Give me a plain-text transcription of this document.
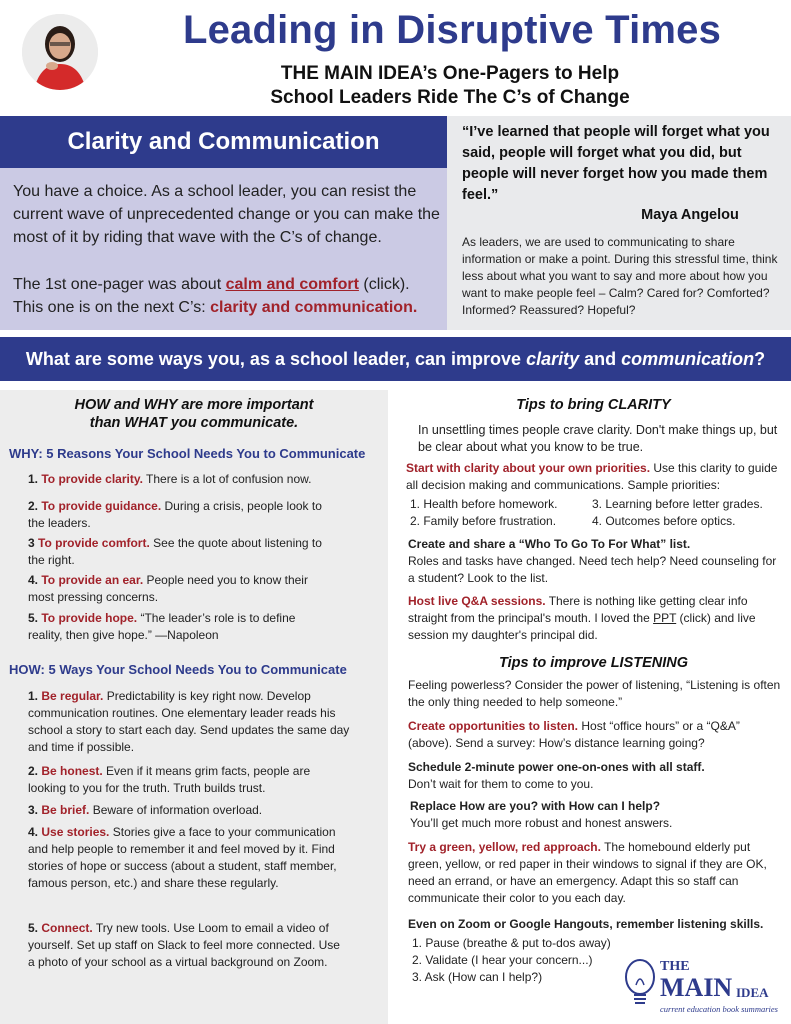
Leading in Disruptive Times
THE MAIN IDEA’s One-Pagers to Help
School Leaders Ride The C’s of Change
Clarity and Communication
You have a choice. As a school leader, you can resist the current wave of unprecedented change or you can make the most of it by riding that wave with the C’s of change.
The 1st one-pager was about calm and comfort (click). This one is on the next C’s: clarity and communication.
“I’ve learned that people will forget what you said, people will forget what you did, but people will never forget how you made them feel.”
Maya Angelou
As leaders, we are used to communicating to share information or make a point. During this stressful time, think less about what you want to say and more about how you want to make people feel – Calm? Cared for? Comforted? Informed? Reassured? Hopeful?
What are some ways you, as a school leader, can improve clarity and communication?
HOW and WHY are more important
than WHAT you communicate.
WHY: 5 Reasons Your School Needs You to Communicate
1. To provide clarity. There is a lot of confusion now.
2. To provide guidance. During a crisis, people look to the leaders.
3 To provide comfort. See the quote about listening to the right.
4. To provide an ear. People need you to know their most pressing concerns.
5. To provide hope. “The leader’s role is to define reality, then give hope.” —Napoleon
HOW: 5 Ways Your School Needs You to Communicate
1. Be regular. Predictability is key right now. Develop communication routines. One elementary leader reads his school a story to start each day. Send updates the same day and time if possible.
2. Be honest. Even if it means grim facts, people are looking to you for the truth. Truth builds trust.
3. Be brief. Beware of information overload.
4. Use stories. Stories give a face to your communication and help people to remember it and feel moved by it. Find stories of hope or success (about a student, staff member, famous person, etc.) and share these regularly.
5. Connect. Try new tools. Use Loom to email a video of yourself. Set up staff on Slack to feel more connected. Use a photo of your school as a virtual background on Zoom.
Tips to bring CLARITY
In unsettling times people crave clarity. Don't make things up, but be clear about what you know to be true.
Start with clarity about your own priorities. Use this clarity to guide all decision making and communications. Sample priorities:
1. Health before homework.	3. Learning before letter grades.
2. Family before frustration.	4. Outcomes before optics.
Create and share a “Who To Go To For What” list.
Roles and tasks have changed. Need tech help? Need counseling for a student? Look to the list.
Host live Q&A sessions. There is nothing like getting clear info straight from the principal's mouth. I loved the PPT (click) and live session my daughter's principal did.
Tips to improve LISTENING
Feeling powerless? Consider the power of listening, “Listening is often the only thing needed to help someone.”
Create opportunities to listen. Host “office hours” or a “Q&A” (above). Send a survey: How’s distance learning going?
Schedule 2-minute power one-on-ones with all staff.
Don’t wait for them to come to you.
Replace How are you? with How can I help?
You’ll get much more robust and honest answers.
Try a green, yellow, red approach. The homebound elderly put green, yellow, or red paper in their windows to signal if they are OK, need an errand, or have an emergency. Adapt this so staff can communicate their color to you each day.
Even on Zoom or Google Hangouts, remember listening skills.
1. Pause (breathe & put to-dos away)
2. Validate (I hear your concern...)
3. Ask (How can I help?)
THE
MAIN IDEA
current education book summaries
